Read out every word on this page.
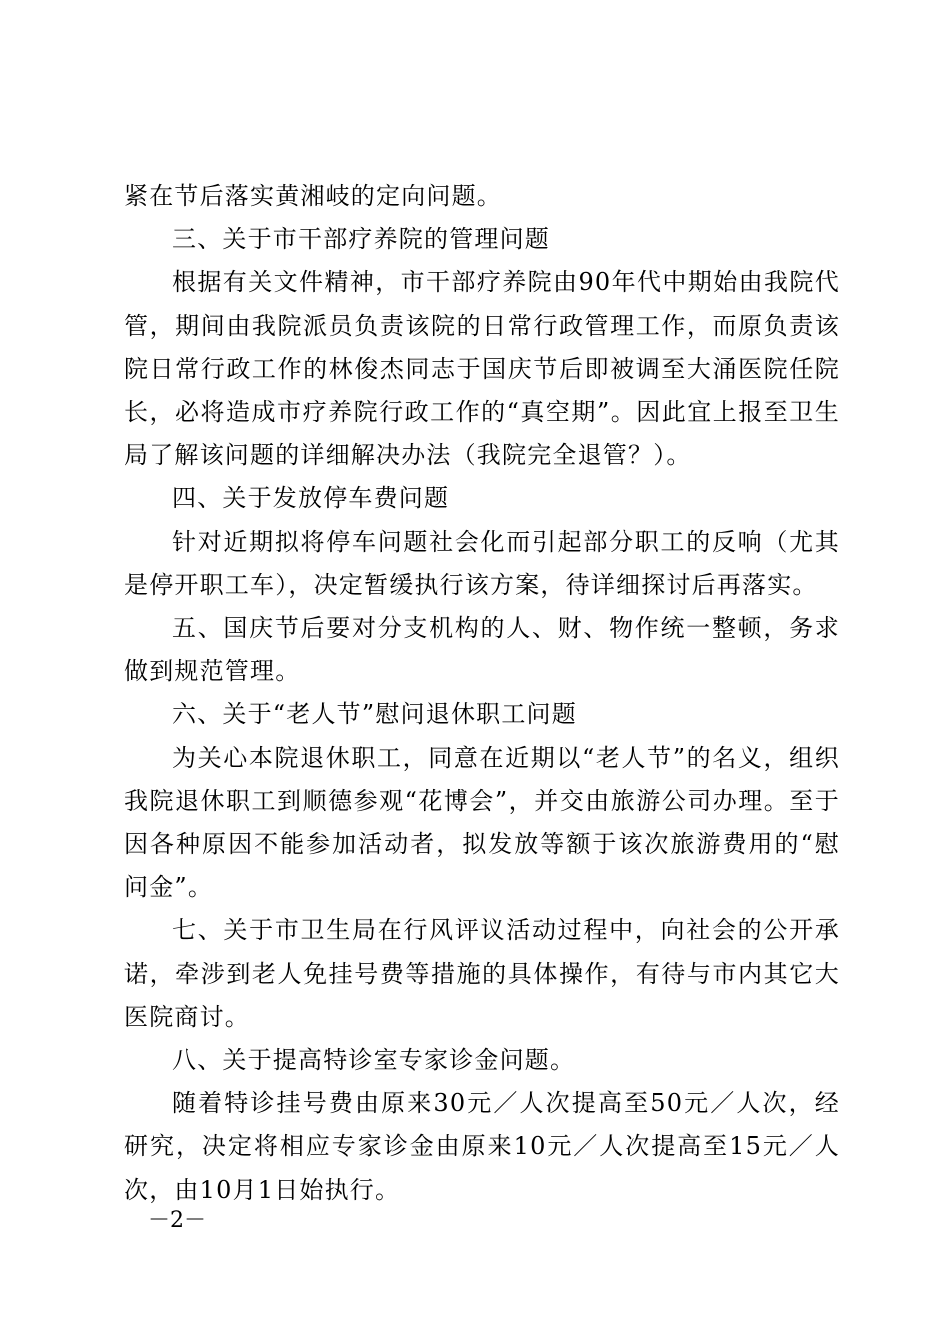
紧在节后落实黄湘岐的定向问题。

三、关于市干部疗养院的管理问题

根据有关文件精神，市干部疗养院由90年代中期始由我院代管，期间由我院派员负责该院的日常行政管理工作，而原负责该院日常行政工作的林俊杰同志于国庆节后即被调至大涌医院任院长，必将造成市疗养院行政工作的“真空期”。因此宜上报至卫生局了解该问题的详细解决办法（我院完全退管？）。

四、关于发放停车费问题

针对近期拟将停车问题社会化而引起部分职工的反响（尤其是停开职工车），决定暂缓执行该方案，待详细探讨后再落实。

五、国庆节后要对分支机构的人、财、物作统一整顿，务求做到规范管理。

六、关于“老人节”慰问退休职工问题

为关心本院退休职工，同意在近期以“老人节”的名义，组织我院退休职工到顺德参观“花博会”，并交由旅游公司办理。至于因各种原因不能参加活动者，拟发放等额于该次旅游费用的“慰问金”。

七、关于市卫生局在行风评议活动过程中，向社会的公开承诺，牵涉到老人免挂号费等措施的具体操作，有待与市内其它大医院商讨。

八、关于提高特诊室专家诊金问题。

随着特诊挂号费由原来30元／人次提高至50元／人次，经研究，决定将相应专家诊金由原来10元／人次提高至15元／人次，由10月1日始执行。

－2－
